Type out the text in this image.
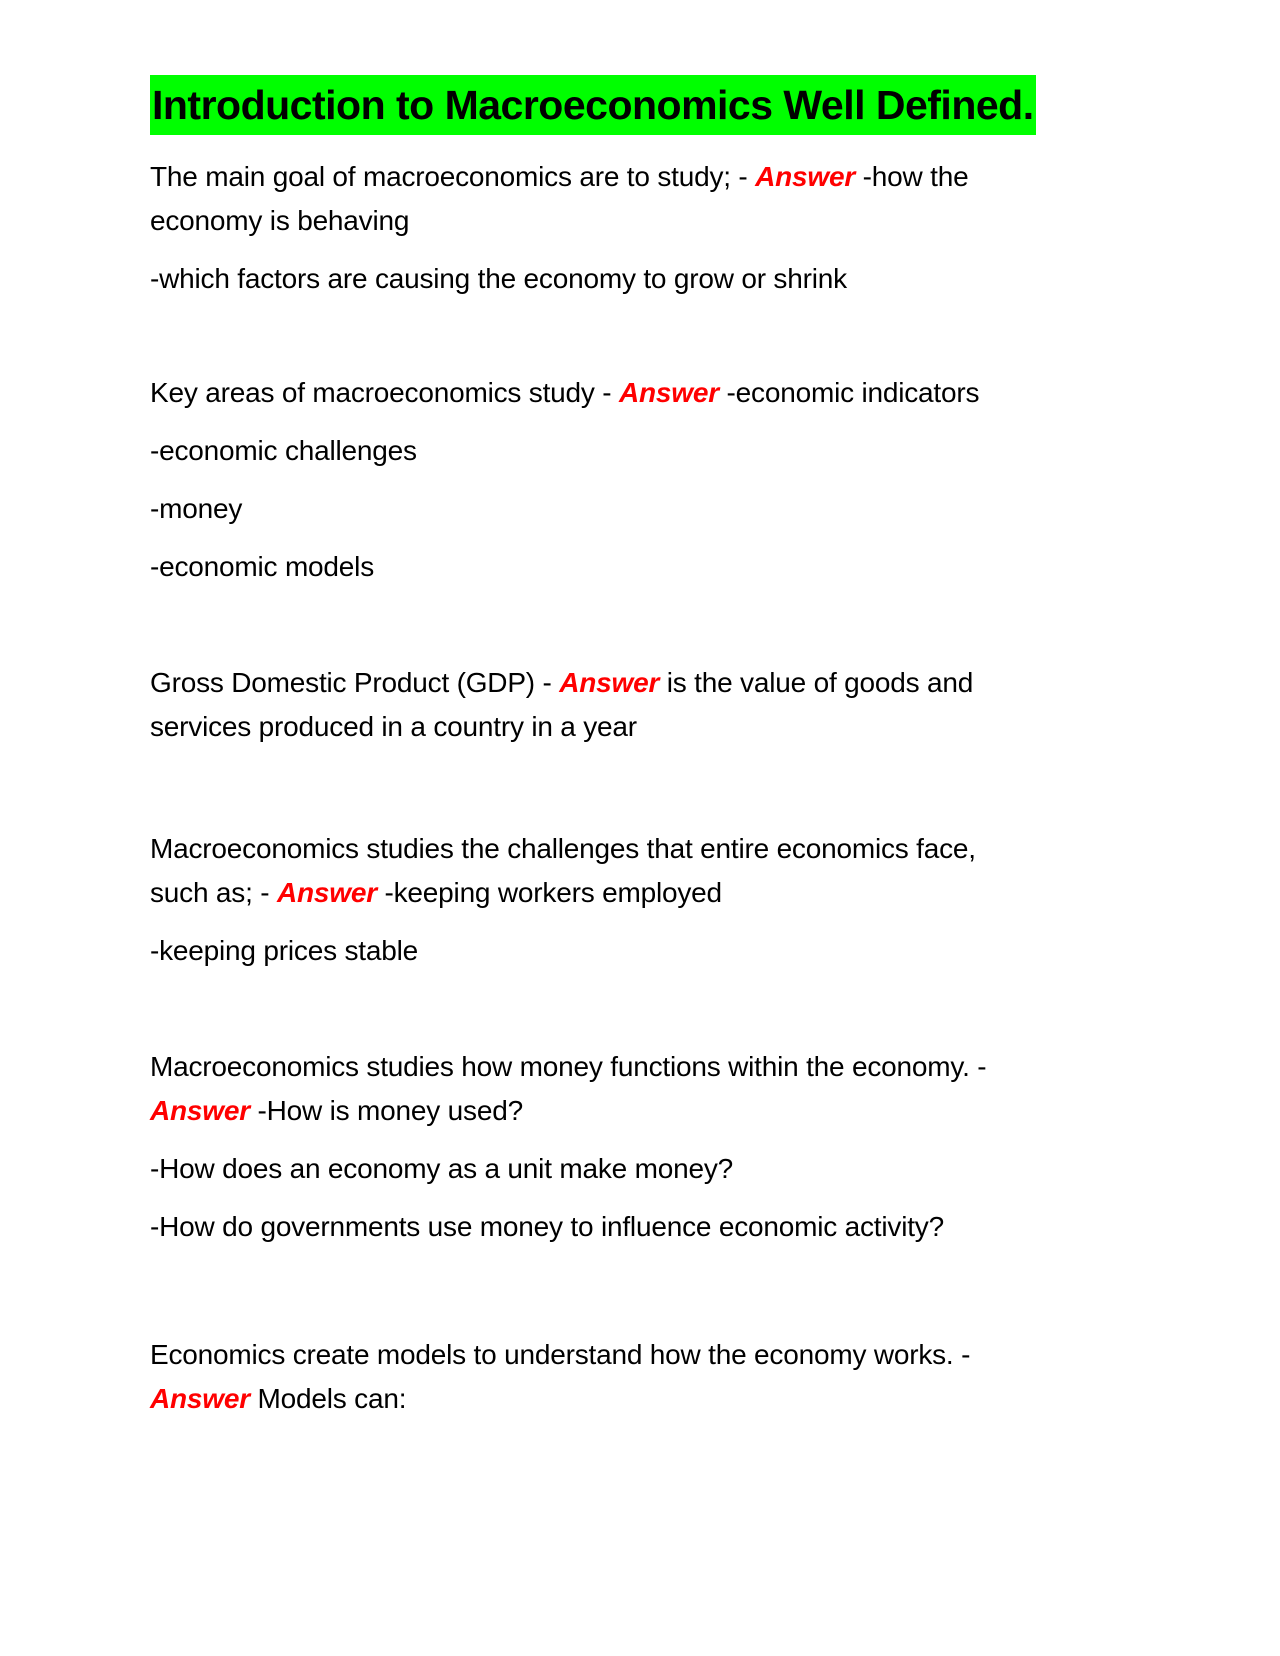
Introduction to Macroeconomics Well Defined.

The main goal of macroeconomics are to study; - Answer -how the

economy is behaving

-which factors are causing the economy to grow or shrink

Key areas of macroeconomics study - Answer -economic indicators

-economic challenges

-money

-economic models

Gross Domestic Product (GDP) - Answer is the value of goods and

services produced in a country in a year

Macroeconomics studies the challenges that entire economics face,

such as; - Answer -keeping workers employed

-keeping prices stable

Macroeconomics studies how money functions within the economy. -

Answer -How is money used?

-How does an economy as a unit make money?

-How do governments use money to influence economic activity?

Economics create models to understand how the economy works. -

Answer Models can:
